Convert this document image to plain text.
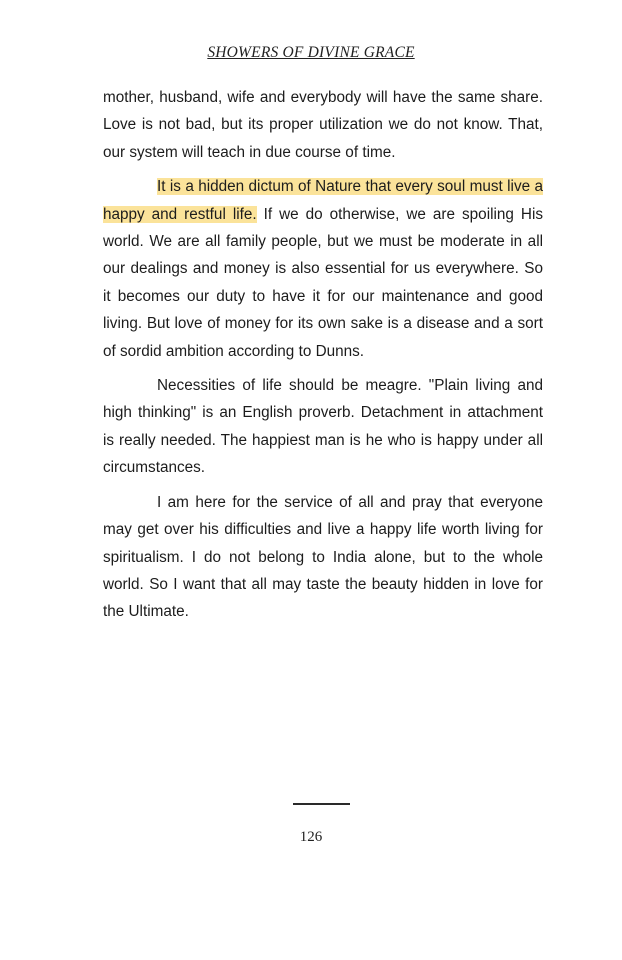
SHOWERS OF DIVINE GRACE

mother, husband, wife and everybody will have the same share. Love is not bad, but its proper utilization we do not know. That, our system will teach in due course of time.

It is a hidden dictum of Nature that every soul must live a happy and restful life. If we do otherwise, we are spoiling His world. We are all family people, but we must be moderate in all our dealings and money is also essential for us everywhere. So it becomes our duty to have it for our maintenance and good living. But love of money for its own sake is a disease and a sort of sordid ambition according to Dunns.

Necessities of life should be meagre. "Plain living and high thinking" is an English proverb. Detachment in attachment is really needed. The happiest man is he who is happy under all circumstances.

I am here for the service of all and pray that everyone may get over his difficulties and live a happy life worth living for spiritualism. I do not belong to India alone, but to the whole world. So I want that all may taste the beauty hidden in love for the Ultimate.

126
